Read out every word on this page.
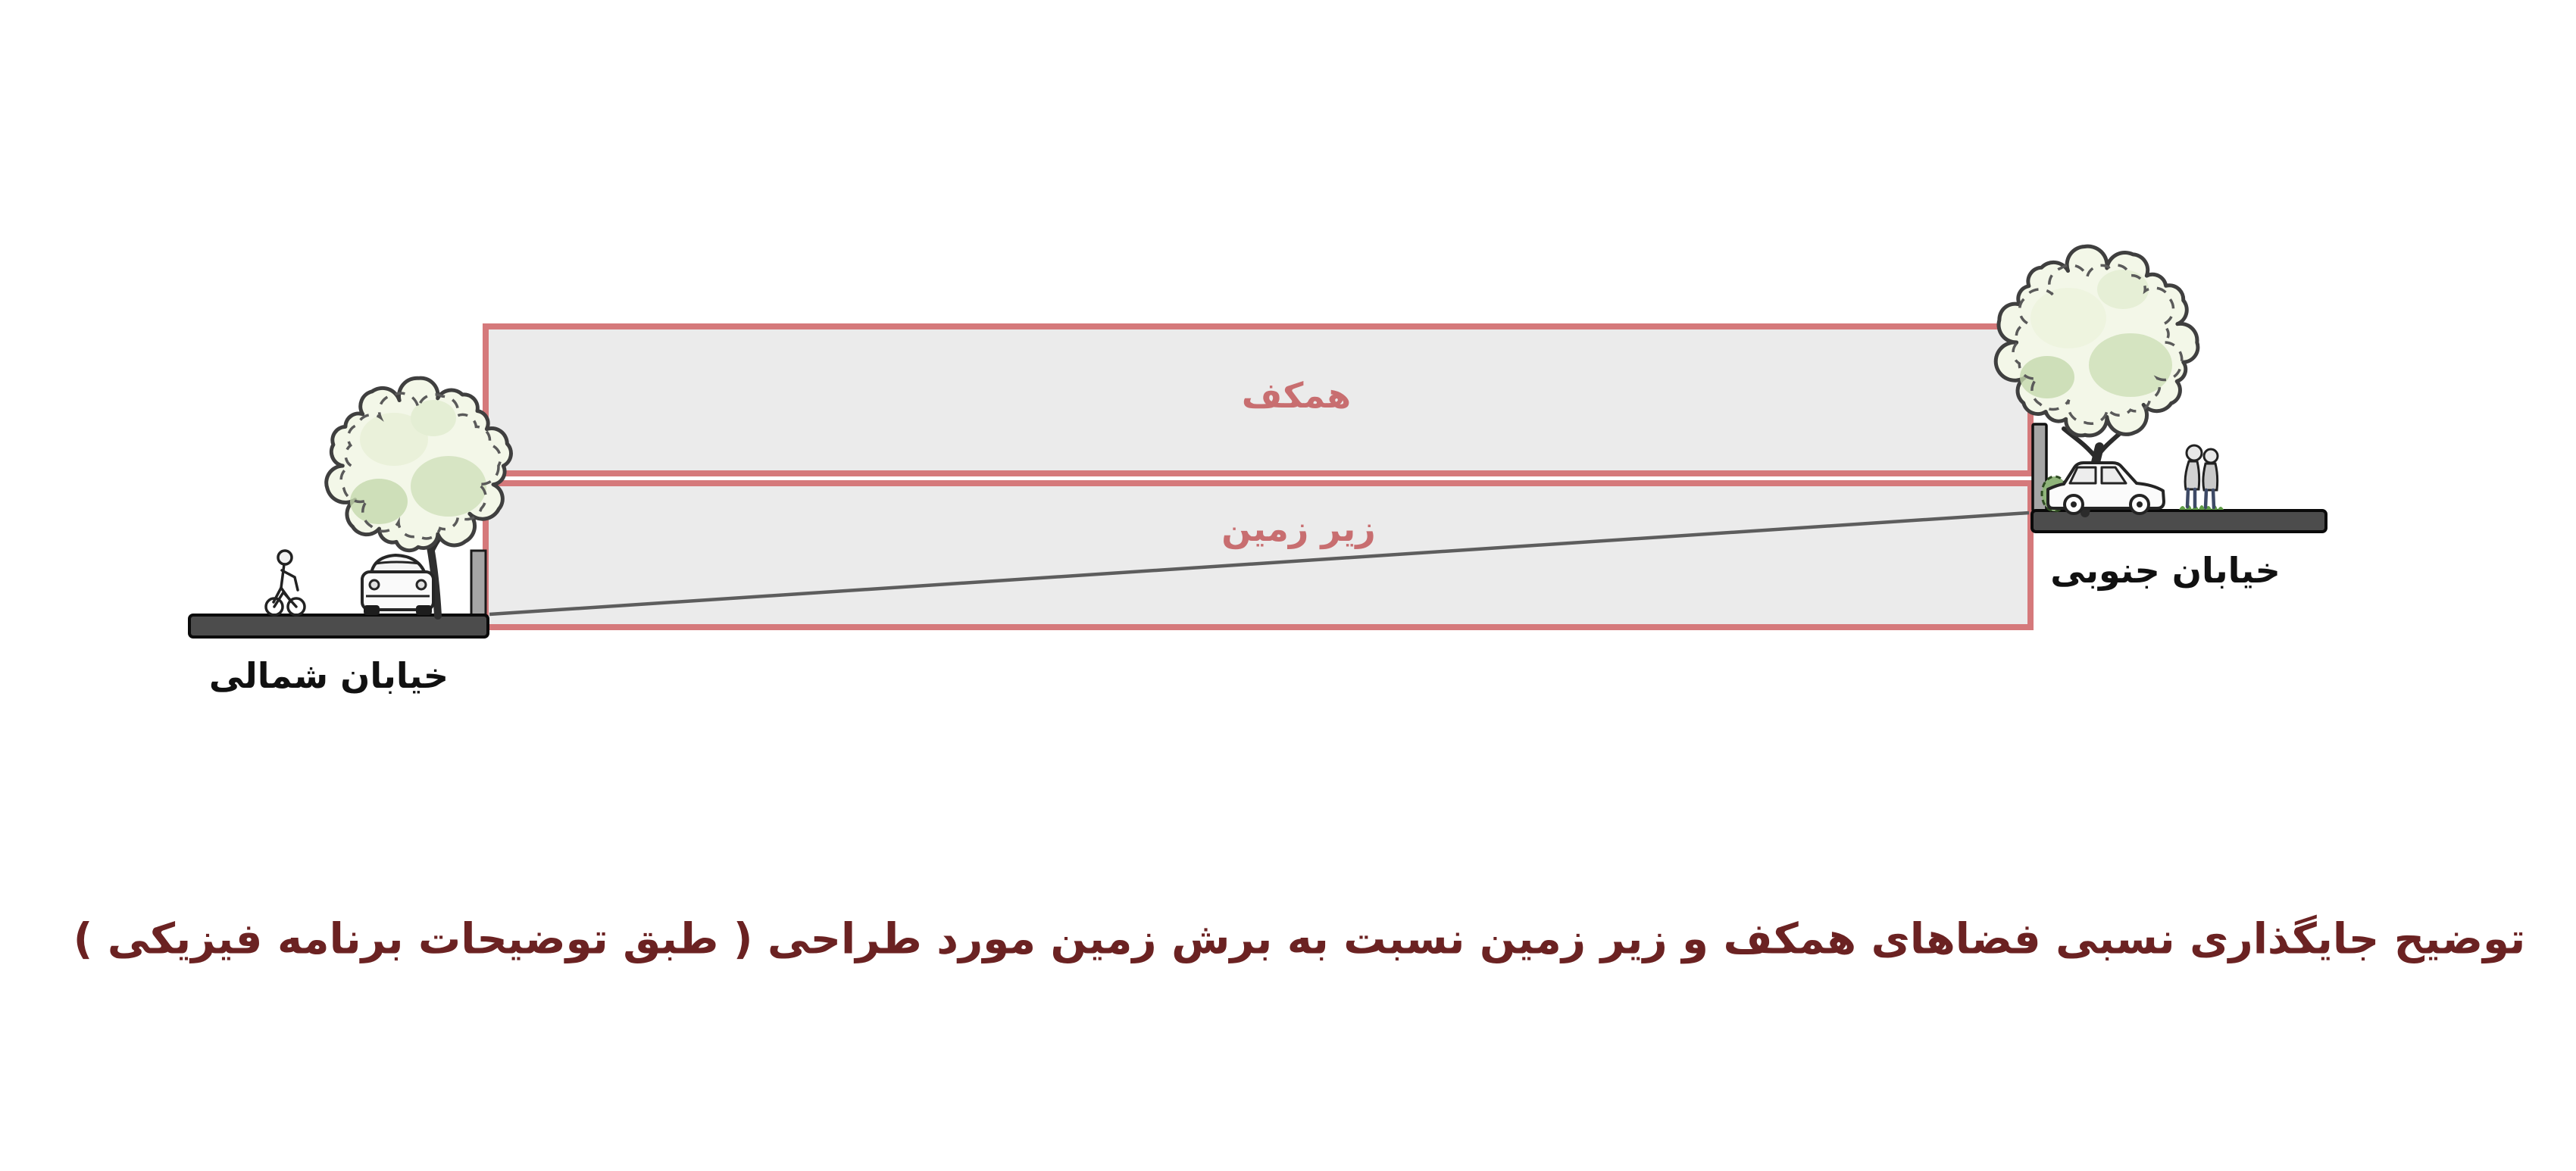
همکف
زیر زمین
خیابان شمالی
خیابان جنوبی
توضیح جایگذاری نسبی فضاهای همکف و زیر زمین نسبت به برش زمین مورد طراحی ( طبق توضیحات برنامه فیزیکی )
